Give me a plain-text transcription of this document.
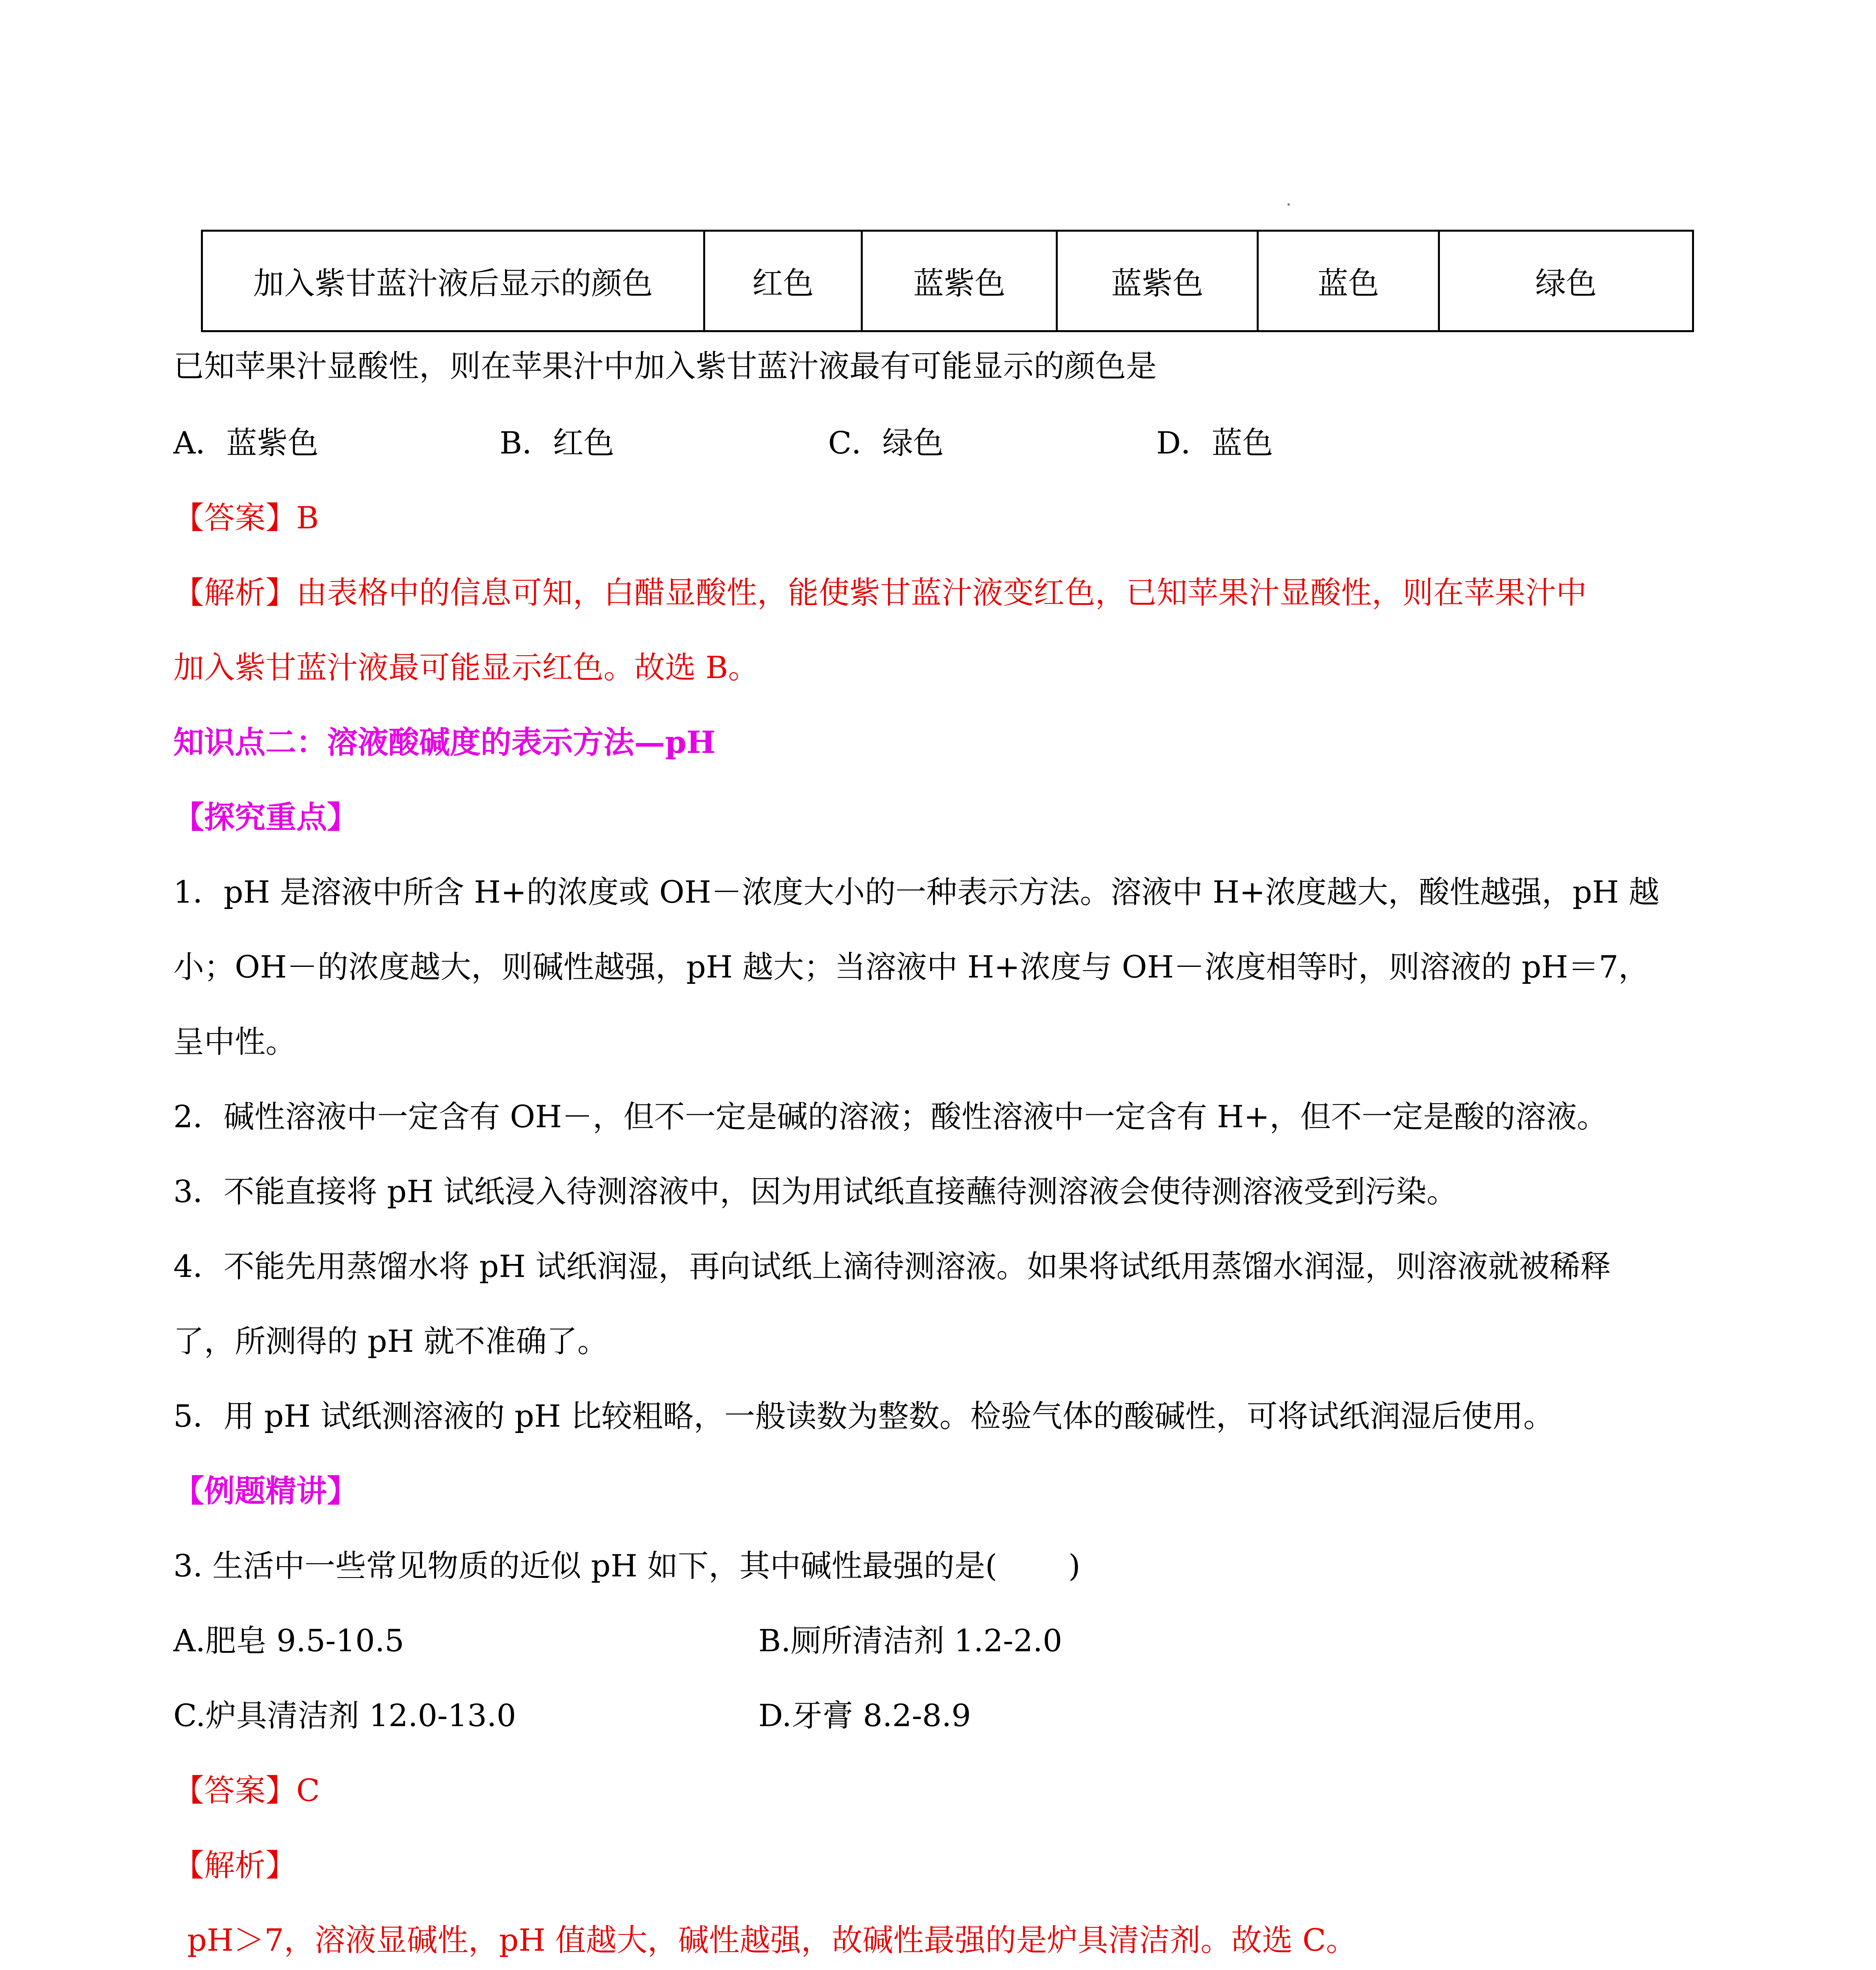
加入紫甘蓝汁液后显示的颜色	红色	蓝紫色	蓝紫色	蓝色	绿色
已知苹果汁显酸性，则在苹果汁中加入紫甘蓝汁液最有可能显示的颜色是
A．蓝紫色	B．红色	C．绿色	D．蓝色
【答案】B
【解析】由表格中的信息可知，白醋显酸性，能使紫甘蓝汁液变红色，已知苹果汁显酸性，则在苹果汁中
加入紫甘蓝汁液最可能显示红色。故选 B。
知识点二：溶液酸碱度的表示方法—pH
【探究重点】
1．pH 是溶液中所含 H+的浓度或 OH－浓度大小的一种表示方法。溶液中 H+浓度越大，酸性越强，pH 越
小；OH－的浓度越大，则碱性越强，pH 越大；当溶液中 H+浓度与 OH－浓度相等时，则溶液的 pH＝7，
呈中性。
2．碱性溶液中一定含有 OH－，但不一定是碱的溶液；酸性溶液中一定含有 H+，但不一定是酸的溶液。
3．不能直接将 pH 试纸浸入待测溶液中，因为用试纸直接蘸待测溶液会使待测溶液受到污染。
4．不能先用蒸馏水将 pH 试纸润湿，再向试纸上滴待测溶液。如果将试纸用蒸馏水润湿，则溶液就被稀释
了，所测得的 pH 就不准确了。
5．用 pH 试纸测溶液的 pH 比较粗略，一般读数为整数。检验气体的酸碱性，可将试纸润湿后使用。
【例题精讲】
3. 生活中一些常见物质的近似 pH 如下，其中碱性最强的是(　　 )
A.肥皂 9.5-10.5	B.厕所清洁剂 1.2-2.0
C.炉具清洁剂 12.0-13.0	D.牙膏 8.2-8.9
【答案】C
【解析】
pH＞7，溶液显碱性，pH 值越大，碱性越强，故碱性最强的是炉具清洁剂。故选 C。
